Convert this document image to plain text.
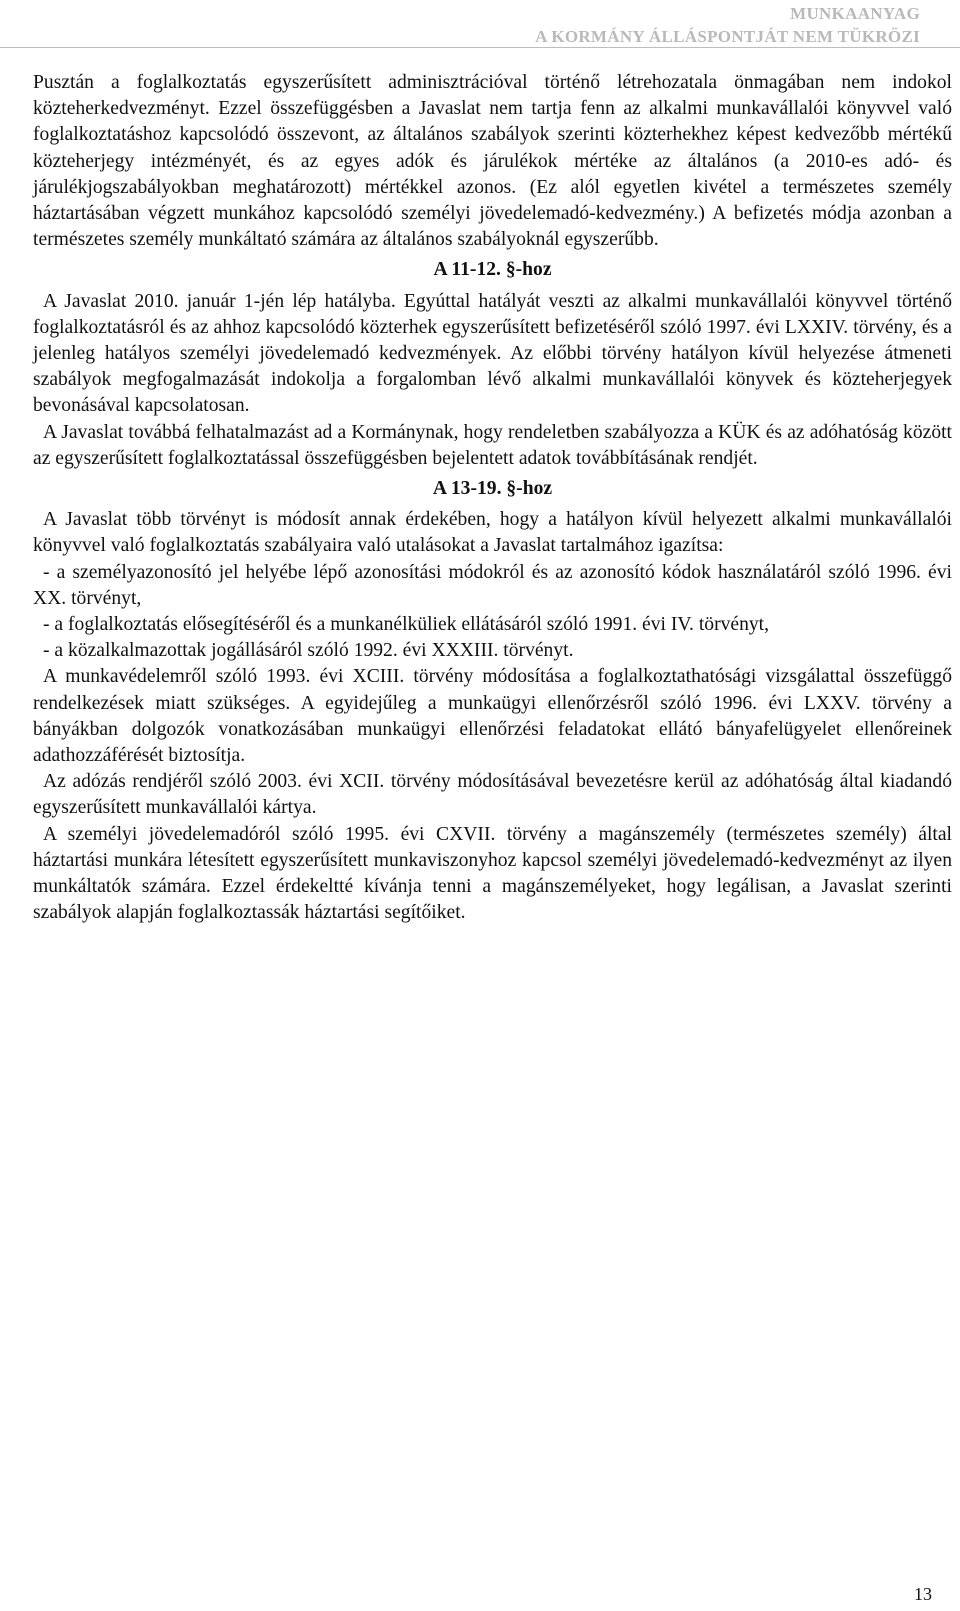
MUNKAANYAG
A KORMÁNY ÁLLÁSPONTJÁT NEM TÜKRÖZI

Pusztán a foglalkoztatás egyszerűsített adminisztrációval történő létrehozatala önmagában nem indokol közteherkedvezményt. Ezzel összefüggésben a Javaslat nem tartja fenn az alkalmi munkavállalói könyvvel való foglalkoztatáshoz kapcsolódó összevont, az általános szabályok szerinti közterhekhez képest kedvezőbb mértékű közteherjegy intézményét, és az egyes adók és járulékok mértéke az általános (a 2010-es adó- és járulékjogszabályokban meghatározott) mértékkel azonos. (Ez alól egyetlen kivétel a természetes személy háztartásában végzett munkához kapcsolódó személyi jövedelemadó-kedvezmény.) A befizetés módja azonban a természetes személy munkáltató számára az általános szabályoknál egyszerűbb.

A 11-12. §-hoz

A Javaslat 2010. január 1-jén lép hatályba. Egyúttal hatályát veszti az alkalmi munkavállalói könyvvel történő foglalkoztatásról és az ahhoz kapcsolódó közterhek egyszerűsített befizetéséről szóló 1997. évi LXXIV. törvény, és a jelenleg hatályos személyi jövedelemadó kedvezmények. Az előbbi törvény hatályon kívül helyezése átmeneti szabályok megfogalmazását indokolja a forgalomban lévő alkalmi munkavállalói könyvek és közteherjegyek bevonásával kapcsolatosan.

A Javaslat továbbá felhatalmazást ad a Kormánynak, hogy rendeletben szabályozza a KÜK és az adóhatóság között az egyszerűsített foglalkoztatással összefüggésben bejelentett adatok továbbításának rendjét.

A 13-19. §-hoz

A Javaslat több törvényt is módosít annak érdekében, hogy a hatályon kívül helyezett alkalmi munkavállalói könyvvel való foglalkoztatás szabályaira való utalásokat a Javaslat tartalmához igazítsa:

- a személyazonosító jel helyébe lépő azonosítási módokról és az azonosító kódok használatáról szóló 1996. évi XX. törvényt,

- a foglalkoztatás elősegítéséről és a munkanélküliek ellátásáról szóló 1991. évi IV. törvényt,

- a közalkalmazottak jogállásáról szóló 1992. évi XXXIII. törvényt.

A munkavédelemről szóló 1993. évi XCIII. törvény módosítása a foglalkoztathatósági vizsgálattal összefüggő rendelkezések miatt szükséges. A egyidejűleg a munkaügyi ellenőrzésről szóló 1996. évi LXXV. törvény a bányákban dolgozók vonatkozásában munkaügyi ellenőrzési feladatokat ellátó bányafelügyelet ellenőreinek adathozzáférését biztosítja.

Az adózás rendjéről szóló 2003. évi XCII. törvény módosításával bevezetésre kerül az adóhatóság által kiadandó egyszerűsített munkavállalói kártya.

A személyi jövedelemadóról szóló 1995. évi CXVII. törvény a magánszemély (természetes személy) által háztartási munkára létesített egyszerűsített munkaviszonyhoz kapcsol személyi jövedelemadó-kedvezményt az ilyen munkáltatók számára. Ezzel érdekeltté kívánja tenni a magánszemélyeket, hogy legálisan, a Javaslat szerinti szabályok alapján foglalkoztassák háztartási segítőiket.

13
